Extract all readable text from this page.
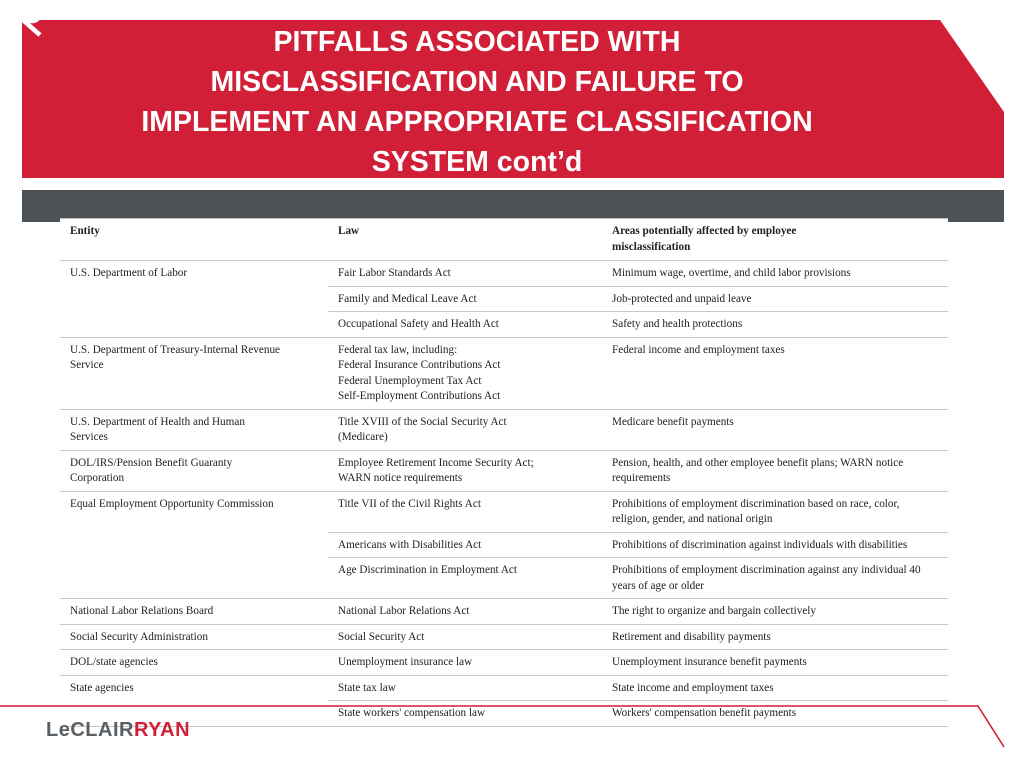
PITFALLS ASSOCIATED WITH
MISCLASSIFICATION AND FAILURE TO
IMPLEMENT AN APPROPRIATE CLASSIFICATION
SYSTEM cont’d
Entity	Law	Areas potentially affected by employee misclassification

U.S. Department of Labor	Fair Labor Standards Act	Minimum wage, overtime, and child labor provisions

	Family and Medical Leave Act	Job-protected and unpaid leave

	Occupational Safety and Health Act	Safety and health protections

U.S. Department of Treasury-Internal Revenue Service	Federal tax law, including:
Federal Insurance Contributions Act
Federal Unemployment Tax Act
Self-Employment Contributions Act	Federal income and employment taxes

U.S. Department of Health and Human Services	Title XVIII of the Social Security Act (Medicare)	Medicare benefit payments

DOL/IRS/Pension Benefit Guaranty Corporation	Employee Retirement Income Security Act; WARN notice requirements	Pension, health, and other employee benefit plans; WARN notice requirements

Equal Employment Opportunity Commission	Title VII of the Civil Rights Act	Prohibitions of employment discrimination based on race, color, religion, gender, and national origin

	Americans with Disabilities Act	Prohibitions of discrimination against individuals with disabilities

	Age Discrimination in Employment Act	Prohibitions of employment discrimination against any individual 40 years of age or older

National Labor Relations Board	National Labor Relations Act	The right to organize and bargain collectively

Social Security Administration	Social Security Act	Retirement and disability payments

DOL/state agencies	Unemployment insurance law	Unemployment insurance benefit payments

State agencies	State tax law	State income and employment taxes

	State workers' compensation law	Workers' compensation benefit payments
LeCLAIRRYAN
